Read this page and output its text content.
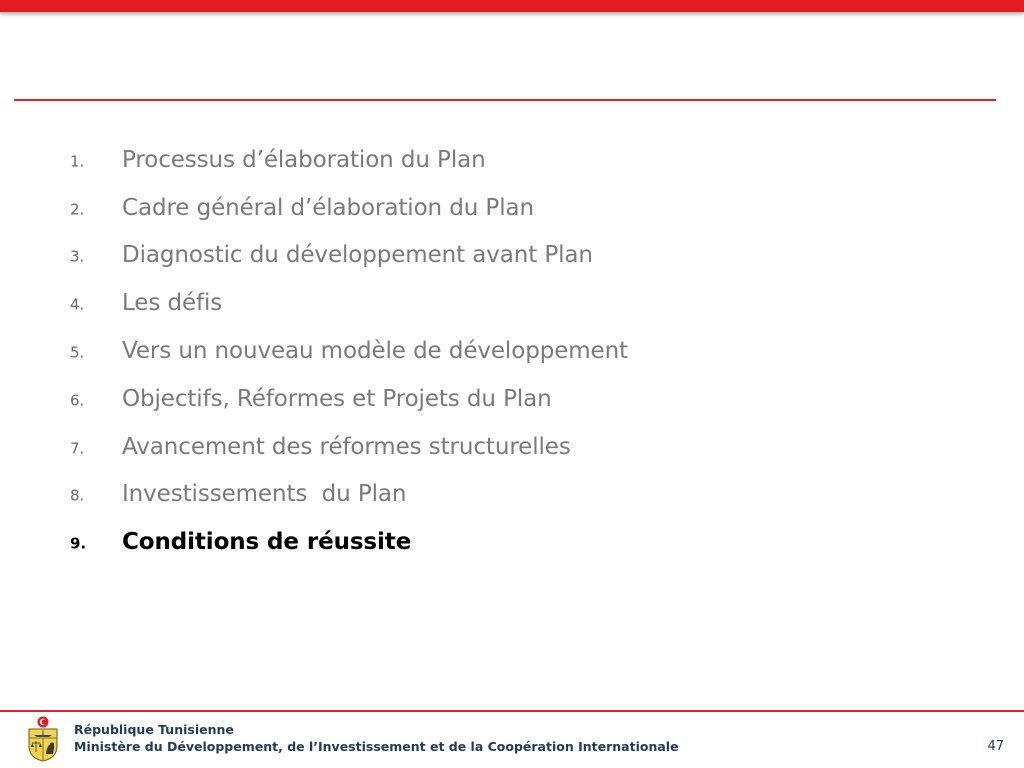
1. Processus d’élaboration du Plan
2. Cadre général d’élaboration du Plan
3. Diagnostic du développement avant Plan
4. Les défis
5. Vers un nouveau modèle de développement
6. Objectifs, Réformes et Projets du Plan
7. Avancement des réformes structurelles
8. Investissements  du Plan
9. Conditions de réussite
République Tunisienne
Ministère du Développement, de l’Investissement et de la Coopération Internationale	47
